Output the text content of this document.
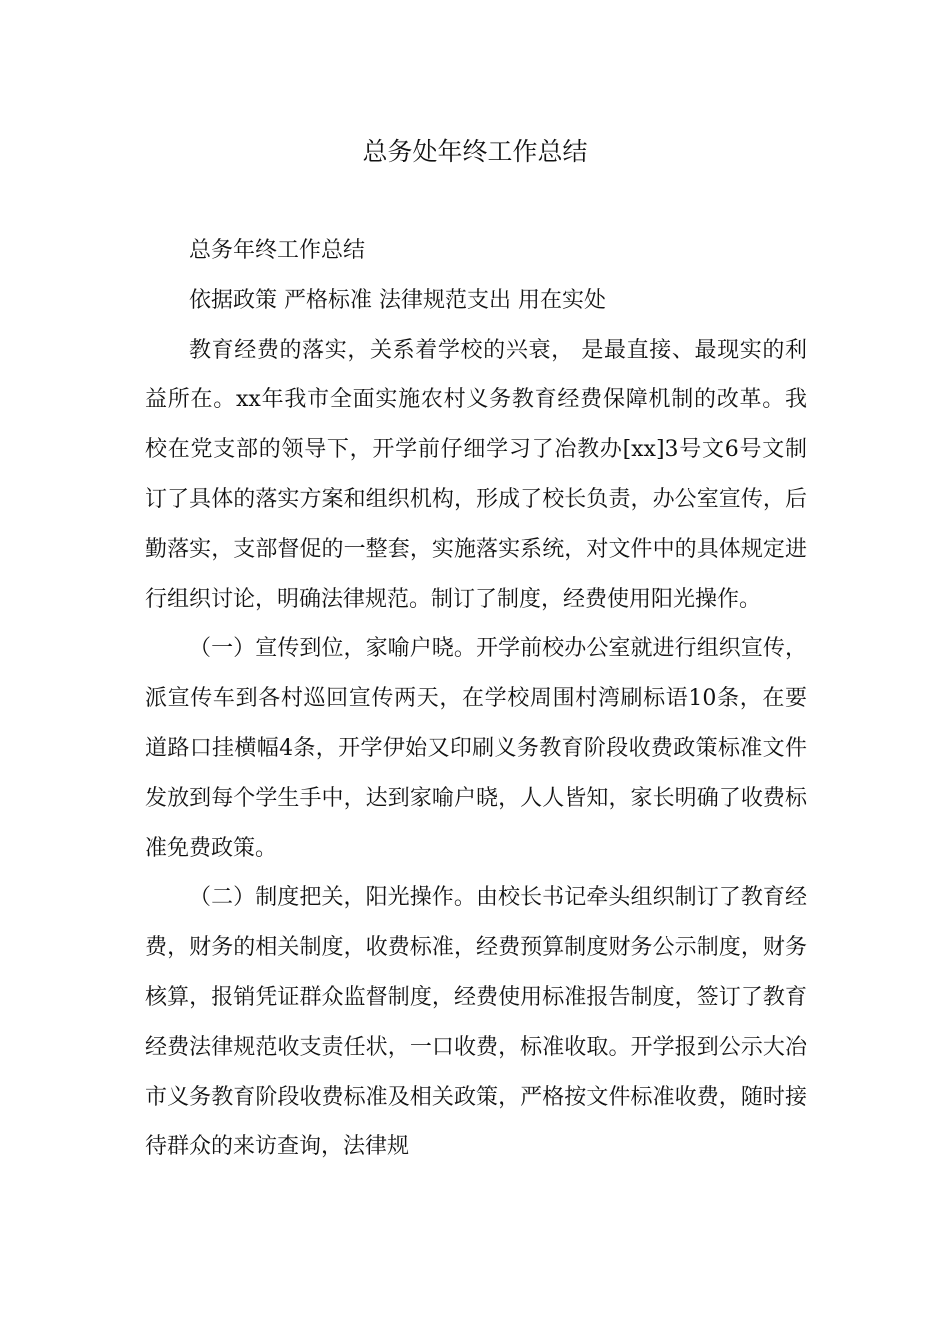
总务处年终工作总结

总务年终工作总结

依据政策 严格标准 法律规范支出 用在实处

教育经费的落实，关系着学校的兴衰， 是最直接、最现实的利益所在。xx年我市全面实施农村义务教育经费保障机制的改革。我校在党支部的领导下，开学前仔细学习了冶教办[xx]3号文6号文制订了具体的落实方案和组织机构，形成了校长负责，办公室宣传，后勤落实，支部督促的一整套，实施落实系统，对文件中的具体规定进行组织讨论，明确法律规范。制订了制度，经费使用阳光操作。

（一）宣传到位，家喻户晓。开学前校办公室就进行组织宣传，派宣传车到各村巡回宣传两天，在学校周围村湾刷标语10条，在要道路口挂横幅4条，开学伊始又印刷义务教育阶段收费政策标准文件发放到每个学生手中，达到家喻户晓，人人皆知，家长明确了收费标准免费政策。

（二）制度把关，阳光操作。由校长书记牵头组织制订了教育经费，财务的相关制度，收费标准，经费预算制度财务公示制度，财务核算，报销凭证群众监督制度，经费使用标准报告制度，签订了教育经费法律规范收支责任状，一口收费，标准收取。开学报到公示大冶市义务教育阶段收费标准及相关政策，严格按文件标准收费，随时接待群众的来访查询，法律规
